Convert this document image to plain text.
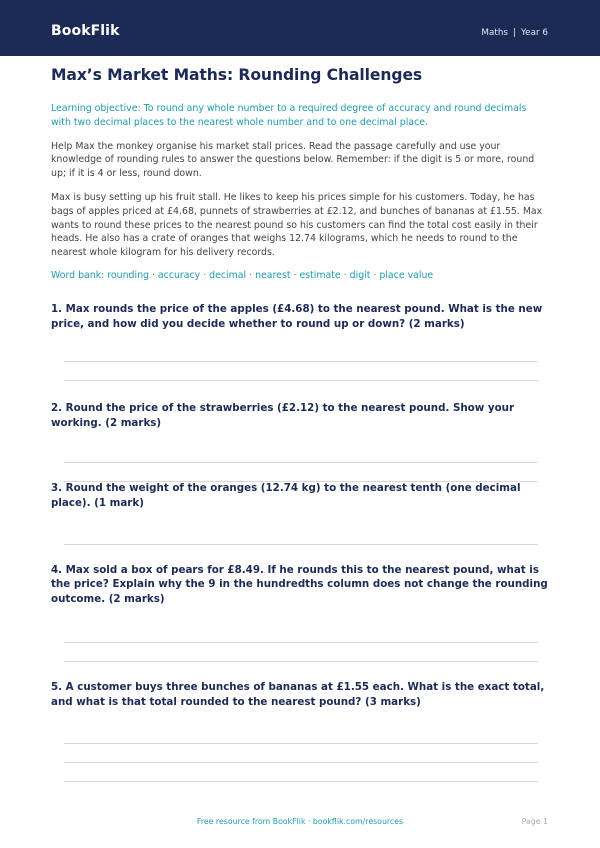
BookFlik	Maths | Year 6
Max’s Market Maths: Rounding Challenges

Learning objective: To round any whole number to a required degree of accuracy and round decimals with two decimal places to the nearest whole number and to one decimal place.

Help Max the monkey organise his market stall prices. Read the passage carefully and use your knowledge of rounding rules to answer the questions below. Remember: if the digit is 5 or more, round up; if it is 4 or less, round down.

Max is busy setting up his fruit stall. He likes to keep his prices simple for his customers. Today, he has bags of apples priced at £4.68, punnets of strawberries at £2.12, and bunches of bananas at £1.55. Max wants to round these prices to the nearest pound so his customers can find the total cost easily in their heads. He also has a crate of oranges that weighs 12.74 kilograms, which he needs to round to the nearest whole kilogram for his delivery records.

Word bank: rounding · accuracy · decimal · nearest · estimate · digit · place value

1. Max rounds the price of the apples (£4.68) to the nearest pound. What is the new price, and how did you decide whether to round up or down? (2 marks)

2. Round the price of the strawberries (£2.12) to the nearest pound. Show your working. (2 marks)

3. Round the weight of the oranges (12.74 kg) to the nearest tenth (one decimal place). (1 mark)

4. Max sold a box of pears for £8.49. If he rounds this to the nearest pound, what is the price? Explain why the 9 in the hundredths column does not change the rounding outcome. (2 marks)

5. A customer buys three bunches of bananas at £1.55 each. What is the exact total, and what is that total rounded to the nearest pound? (3 marks)

Free resource from BookFlik · bookflik.com/resources	Page 1
